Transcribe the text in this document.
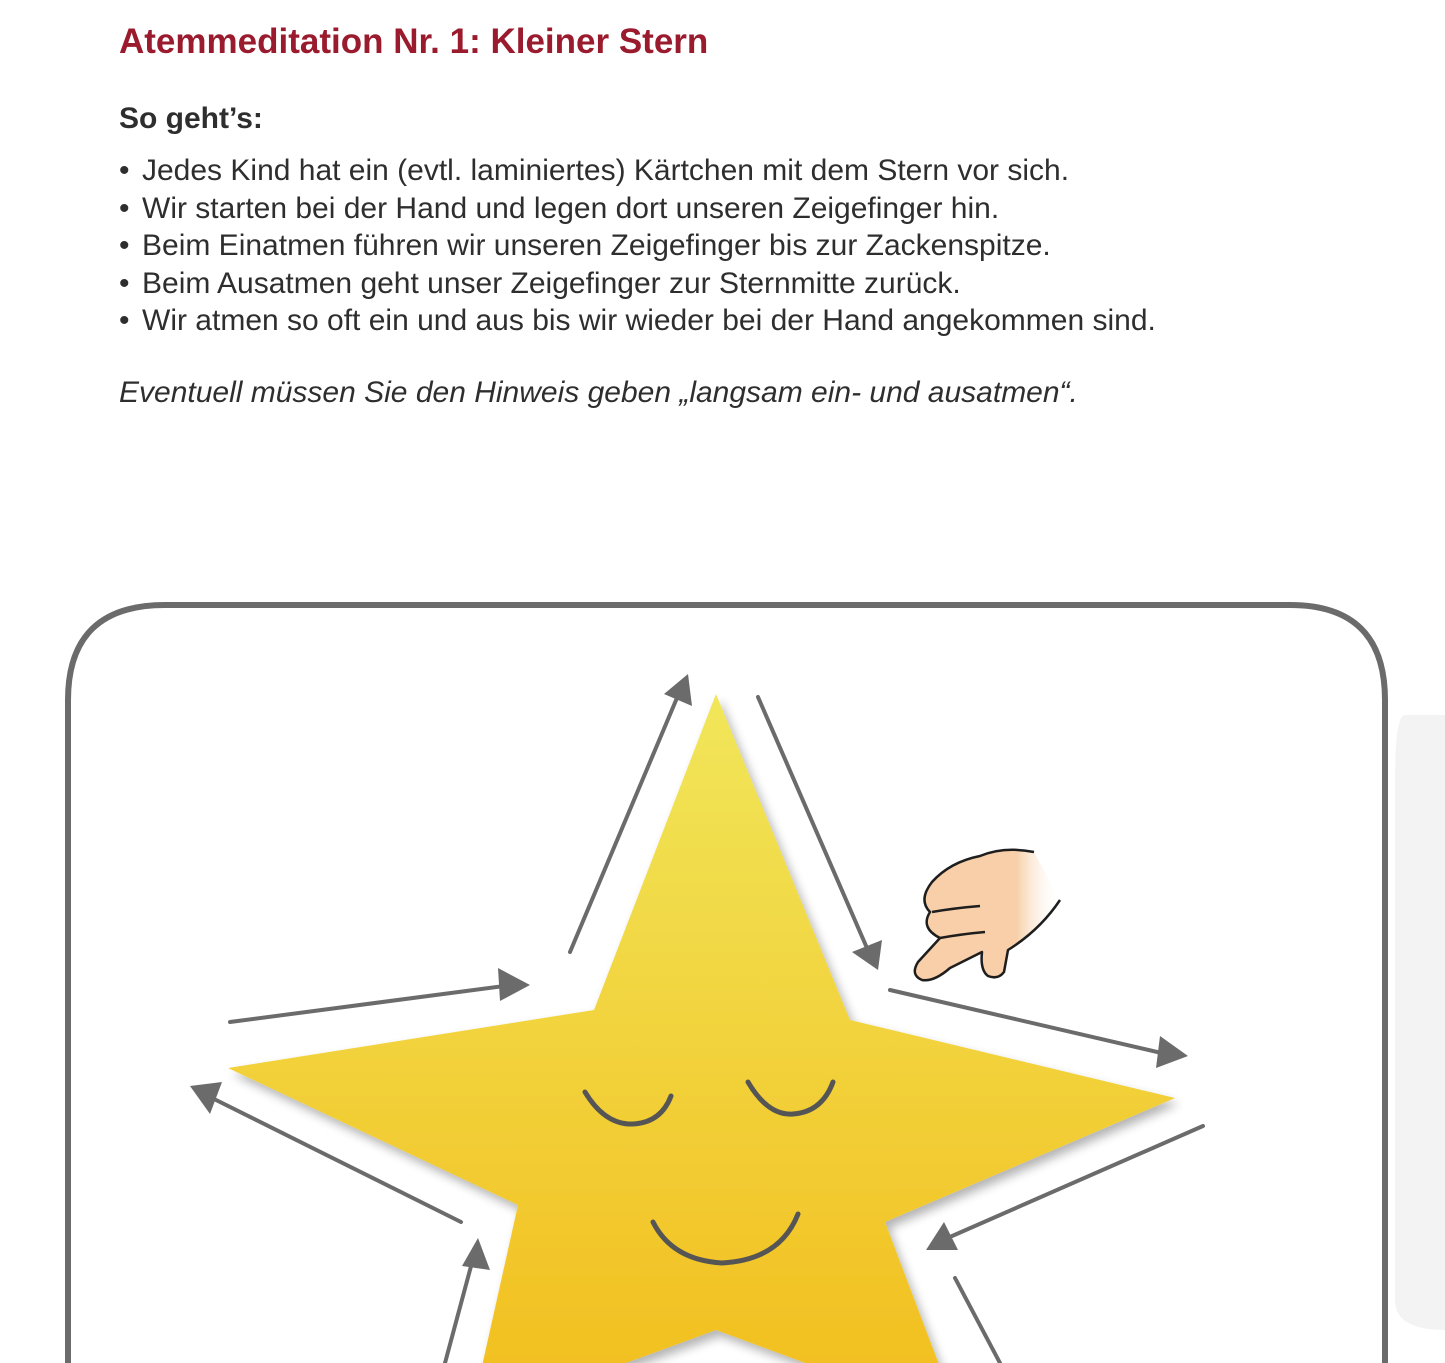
Atemmeditation Nr. 1: Kleiner Stern
So geht’s:
• Jedes Kind hat ein (evtl. laminiertes) Kärtchen mit dem Stern vor sich.
• Wir starten bei der Hand und legen dort unseren Zeigefinger hin.
• Beim Einatmen führen wir unseren Zeigefinger bis zur Zackenspitze.
• Beim Ausatmen geht unser Zeigefinger zur Sternmitte zurück.
• Wir atmen so oft ein und aus bis wir wieder bei der Hand angekommen sind.

Eventuell müssen Sie den Hinweis geben „langsam ein- und ausatmen“.
